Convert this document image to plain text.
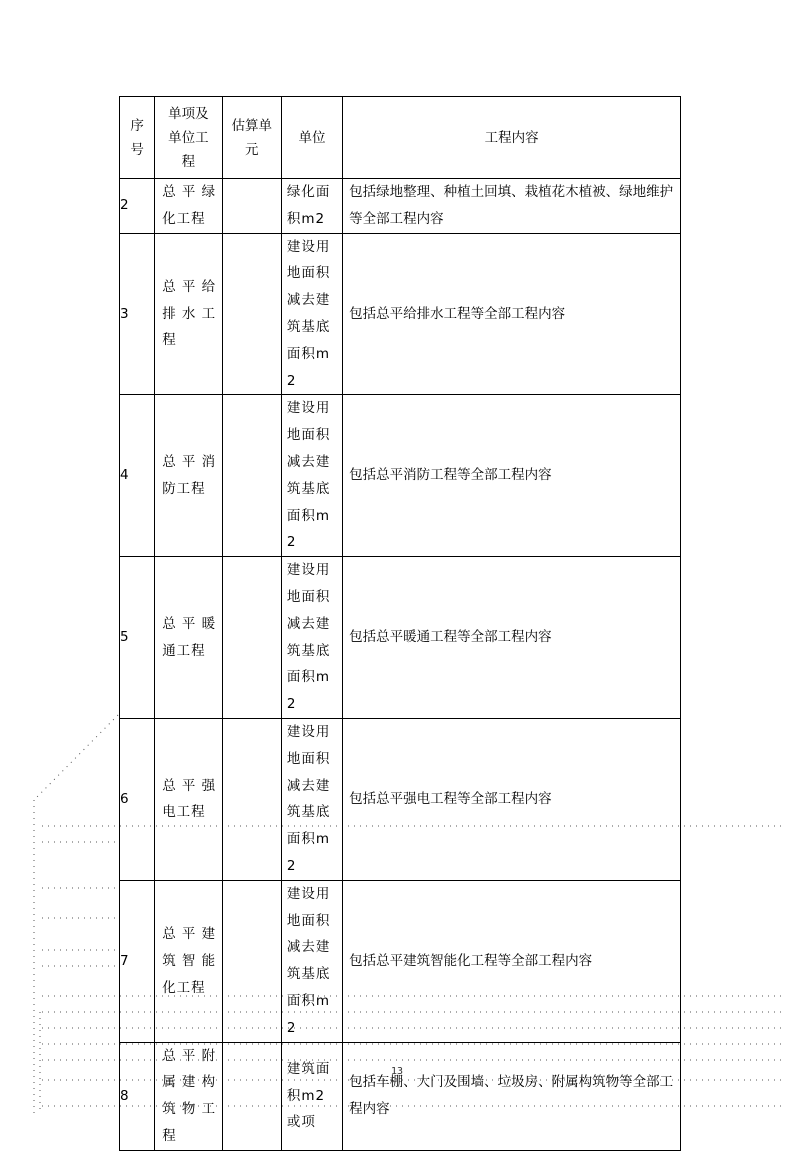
序号	单项及单位工程	估算单元	单位	工程内容

2	总平绿化工程		绿化面积m2	包括绿地整理、种植土回填、栽植花木植被、绿地维护等全部工程内容

3	总平给排水工程		建设用地面积减去建筑基底面积m2	包括总平给排水工程等全部工程内容

4	总平消防工程		建设用地面积减去建筑基底面积m2	包括总平消防工程等全部工程内容

5	总平暖通工程		建设用地面积减去建筑基底面积m2	包括总平暖通工程等全部工程内容

6	总平强电工程		建设用地面积减去建筑基底面积m2	包括总平强电工程等全部工程内容

7	总平建筑智能化工程		建设用地面积减去建筑基底面积m2	包括总平建筑智能化工程等全部工程内容

8	总平附属建构筑物工程		建筑面积m2或项	包括车棚、大门及围墙、垃圾房、附属构筑物等全部工程内容
13
